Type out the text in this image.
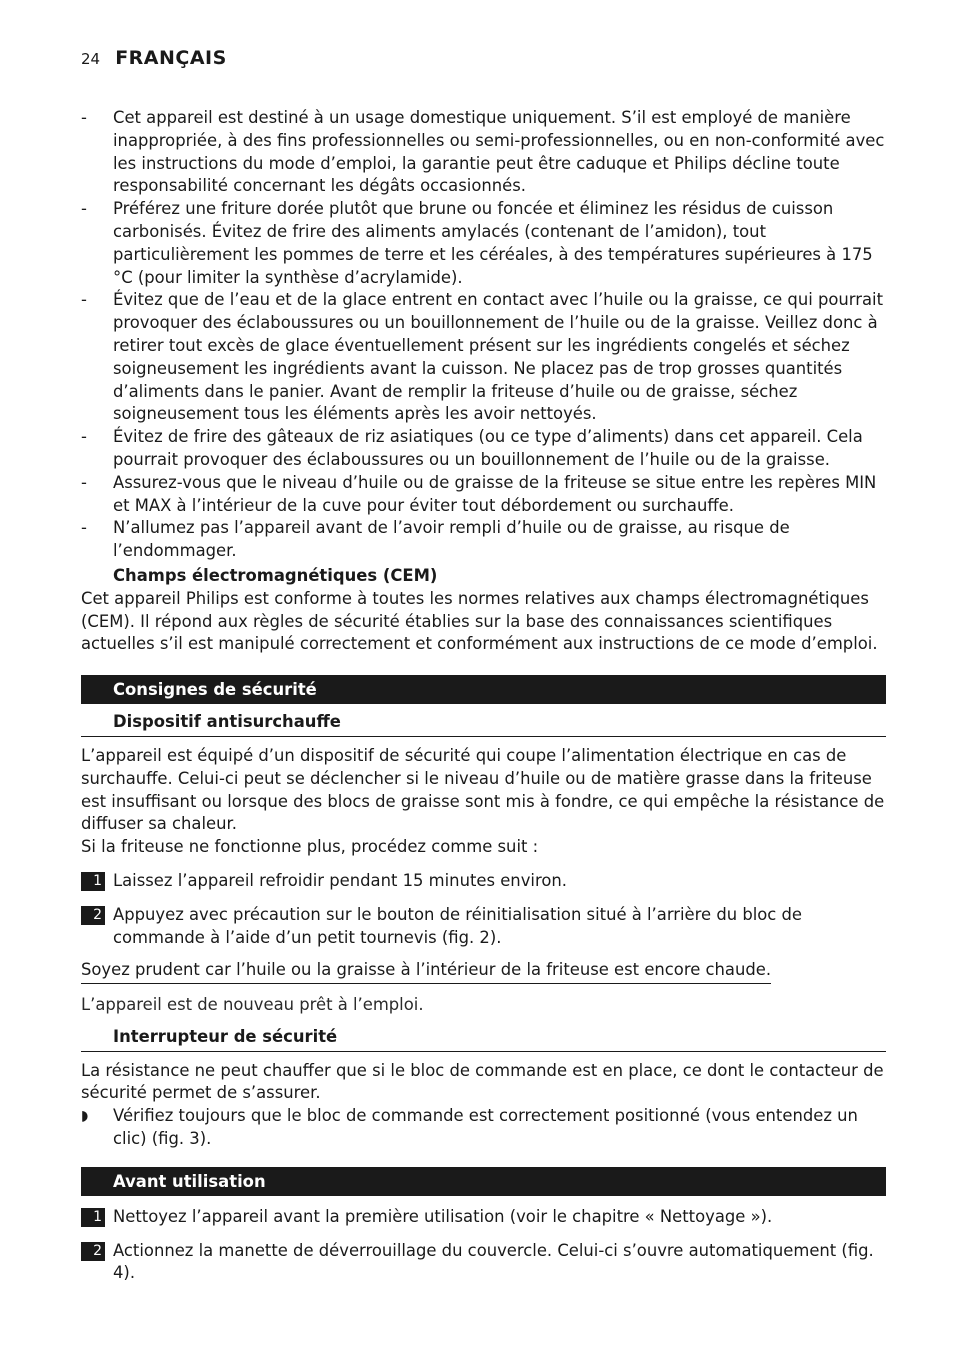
24 FRANÇAIS
- Cet appareil est destiné à un usage domestique uniquement. S’il est employé de manière inappropriée, à des fins professionnelles ou semi-professionnelles, ou en non-conformité avec les instructions du mode d’emploi, la garantie peut être caduque et Philips décline toute responsabilité concernant les dégâts occasionnés.
- Préférez une friture dorée plutôt que brune ou foncée et éliminez les résidus de cuisson carbonisés. Évitez de frire des aliments amylacés (contenant de l’amidon), tout particulièrement les pommes de terre et les céréales, à des températures supérieures à 175 °C (pour limiter la synthèse d’acrylamide).
- Évitez que de l’eau et de la glace entrent en contact avec l’huile ou la graisse, ce qui pourrait provoquer des éclaboussures ou un bouillonnement de l’huile ou de la graisse. Veillez donc à retirer tout excès de glace éventuellement présent sur les ingrédients congelés et séchez soigneusement les ingrédients avant la cuisson. Ne placez pas de trop grosses quantités d’aliments dans le panier. Avant de remplir la friteuse d’huile ou de graisse, séchez soigneusement tous les éléments après les avoir nettoyés.
- Évitez de frire des gâteaux de riz asiatiques (ou ce type d’aliments) dans cet appareil. Cela pourrait provoquer des éclaboussures ou un bouillonnement de l’huile ou de la graisse.
- Assurez-vous que le niveau d’huile ou de graisse de la friteuse se situe entre les repères MIN et MAX à l’intérieur de la cuve pour éviter tout débordement ou surchauffe.
- N’allumez pas l’appareil avant de l’avoir rempli d’huile ou de graisse, au risque de l’endommager.
Champs électromagnétiques (CEM)

Cet appareil Philips est conforme à toutes les normes relatives aux champs électromagnétiques (CEM). Il répond aux règles de sécurité établies sur la base des connaissances scientifiques actuelles s’il est manipulé correctement et conformément aux instructions de ce mode d’emploi.

Consignes de sécurité
Dispositif antisurchauffe

L’appareil est équipé d’un dispositif de sécurité qui coupe l’alimentation électrique en cas de surchauffe. Celui-ci peut se déclencher si le niveau d’huile ou de matière grasse dans la friteuse est insuffisant ou lorsque des blocs de graisse sont mis à fondre, ce qui empêche la résistance de diffuser sa chaleur.

Si la friteuse ne fonctionne plus, procédez comme suit :

1 Laissez l’appareil refroidir pendant 15 minutes environ.
2 Appuyez avec précaution sur le bouton de réinitialisation situé à l’arrière du bloc de commande à l’aide d’un petit tournevis (fig. 2).
Soyez prudent car l’huile ou la graisse à l’intérieur de la friteuse est encore chaude.

L’appareil est de nouveau prêt à l’emploi.

Interrupteur de sécurité

La résistance ne peut chauffer que si le bloc de commande est en place, ce dont le contacteur de sécurité permet de s’assurer.

◗ Vérifiez toujours que le bloc de commande est correctement positionné (vous entendez un clic) (fig. 3).
Avant utilisation
1 Nettoyez l’appareil avant la première utilisation (voir le chapitre « Nettoyage »).
2 Actionnez la manette de déverrouillage du couvercle. Celui-ci s’ouvre automatiquement (fig. 4).
